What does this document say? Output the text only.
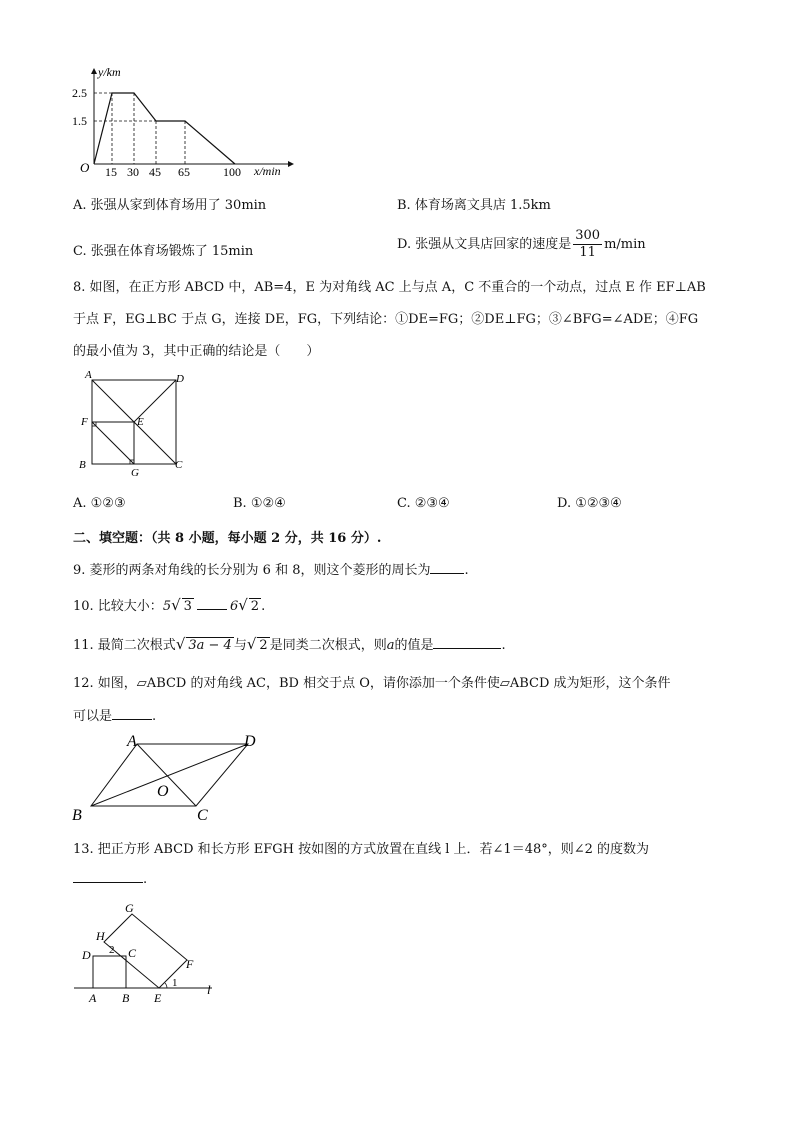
y/km
x/min
O
2.5
1.5
15 30 45 65	100
A. 张强从家到体育场用了 30min	B. 体育场离文具店 1.5km
C. 张强在体育场锻炼了 15min	D. 张强从文具店回家的速度是 $\frac{300}{11} m/\min$
8. 如图，在正方形 ABCD 中，AB=4，E 为对角线 AC 上与点 A，C 不重合的一个动点，过点 E 作 EF⊥AB
于点 F，EG⊥BC 于点 G，连接 DE，FG，下列结论：①DE=FG；②DE⊥FG；③∠BFG=∠ADE；④FG
的最小值为 3，其中正确的结论是（　　）
A	D
F	E
B
G
C
A. ①②③	B. ①②④	C. ②③④	D. ①②③④
二、填空题：（共 8 小题，每小题 2 分，共 16 分）.
9. 菱形的两条对角线的长分别为 6 和 8，则这个菱形的周长为	.
10. 比较大小：5√ 3	6√ 2 .
11. 最简二次根式√ 3a − 4 与√ 2 是同类二次根式，则a的值是	.
12. 如图，▱ABCD 的对角线 AC，BD 相交于点 O，请你添加一个条件使▱ABCD 成为矩形，这个条件
可以是	.
A	D
O
B	C
13. 把正方形 ABCD 和长方形 EFGH 按如图的方式放置在直线 l 上．若∠1＝48°，则∠2 的度数为
.
G
H
2 C
D
F
1
A B E
l
